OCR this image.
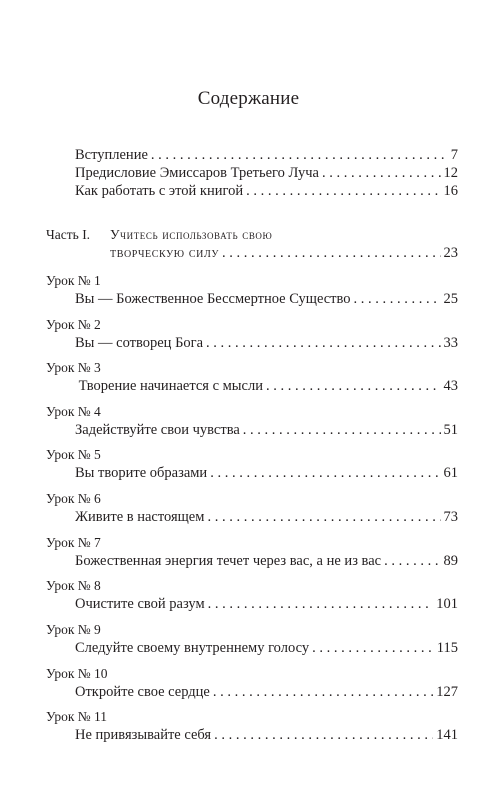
Содержание
Вступление . . .	7
Предисловие Эмиссаров Третьего Луча . . .	12
Как работать с этой книгой . . .	16
Часть I. Учитесь использовать свою
творческую силу . . .	23
Урок № 1
Вы — Божественное Бессмертное Существо . . .	25
Урок № 2
Вы — сотворец Бога . . .	33
Урок № 3
Творение начинается с мысли . . .	43
Урок № 4
Задействуйте свои чувства . . .	51
Урок № 5
Вы творите образами . . .	61
Урок № 6
Живите в настоящем . . .	73
Урок № 7
Божественная энергия течет через вас, а не из вас . . .	89
Урок № 8
Очистите свой разум . . .	101
Урок № 9
Следуйте своему внутреннему голосу . . .	115
Урок № 10
Откройте свое сердце . . .	127
Урок № 11
Не привязывайте себя . . .	141
